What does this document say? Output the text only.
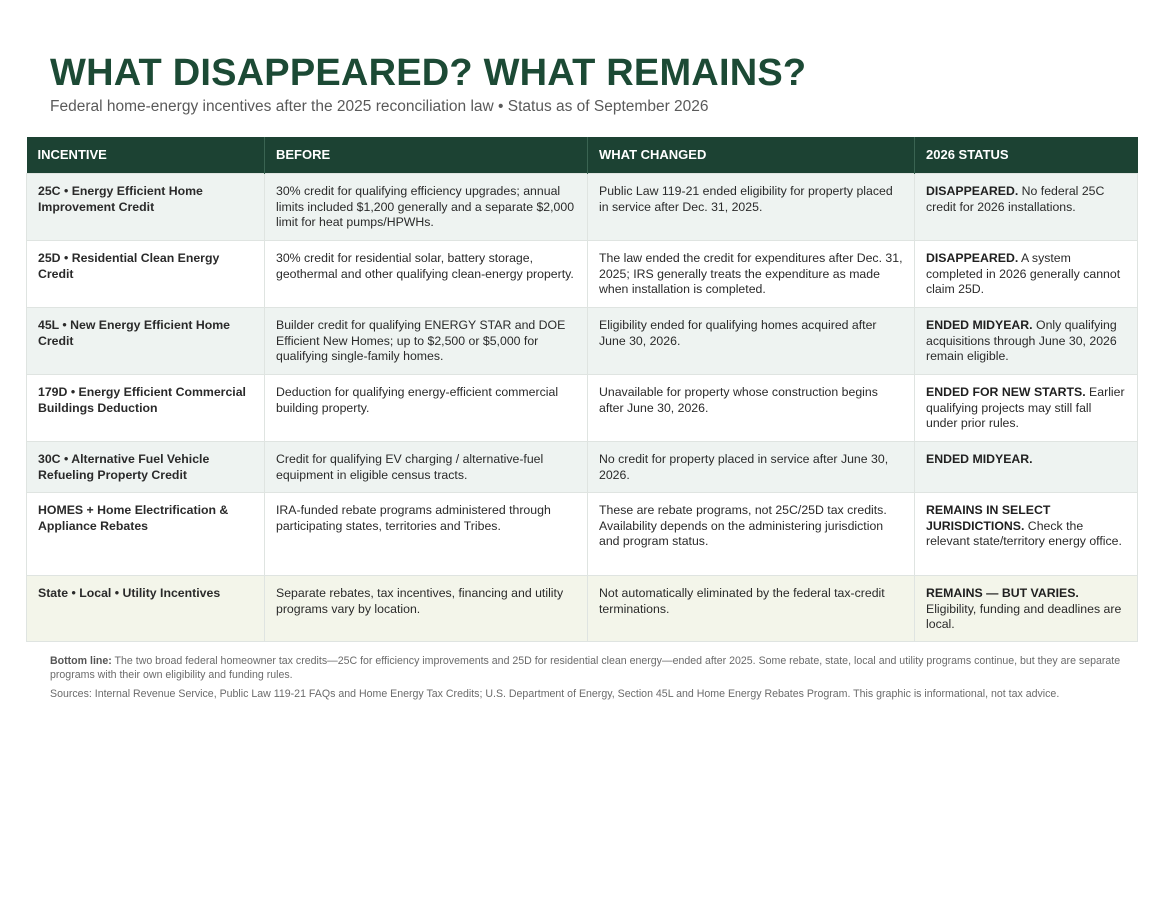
WHAT DISAPPEARED? WHAT REMAINS?

Federal home-energy incentives after the 2025 reconciliation law • Status as of September 2026

INCENTIVE	BEFORE	WHAT CHANGED	2026 STATUS
25C • Energy Efficient Home Improvement Credit	30% credit for qualifying efficiency upgrades; annual limits included $1,200 generally and a separate $2,000 limit for heat pumps/HPWHs.	Public Law 119-21 ended eligibility for property placed in service after Dec. 31, 2025.	DISAPPEARED. No federal 25C credit for 2026 installations.
25D • Residential Clean Energy Credit	30% credit for residential solar, battery storage, geothermal and other qualifying clean-energy property.	The law ended the credit for expenditures after Dec. 31, 2025; IRS generally treats the expenditure as made when installation is completed.	DISAPPEARED. A system completed in 2026 generally cannot claim 25D.
45L • New Energy Efficient Home Credit	Builder credit for qualifying ENERGY STAR and DOE Efficient New Homes; up to $2,500 or $5,000 for qualifying single-family homes.	Eligibility ended for qualifying homes acquired after June 30, 2026.	ENDED MIDYEAR. Only qualifying acquisitions through June 30, 2026 remain eligible.
179D • Energy Efficient Commercial Buildings Deduction	Deduction for qualifying energy-efficient commercial building property.	Unavailable for property whose construction begins after June 30, 2026.	ENDED FOR NEW STARTS. Earlier qualifying projects may still fall under prior rules.
30C • Alternative Fuel Vehicle Refueling Property Credit	Credit for qualifying EV charging / alternative-fuel equipment in eligible census tracts.	No credit for property placed in service after June 30, 2026.	ENDED MIDYEAR.
HOMES + Home Electrification & Appliance Rebates	IRA-funded rebate programs administered through participating states, territories and Tribes.	These are rebate programs, not 25C/25D tax credits. Availability depends on the administering jurisdiction and program status.	REMAINS IN SELECT JURISDICTIONS. Check the relevant state/territory energy office.
State • Local • Utility Incentives	Separate rebates, tax incentives, financing and utility programs vary by location.	Not automatically eliminated by the federal tax-credit terminations.	REMAINS — BUT VARIES. Eligibility, funding and deadlines are local.

Bottom line: The two broad federal homeowner tax credits—25C for efficiency improvements and 25D for residential clean energy—ended after 2025. Some rebate, state, local and utility programs continue, but they are separate programs with their own eligibility and funding rules.

Sources: Internal Revenue Service, Public Law 119-21 FAQs and Home Energy Tax Credits; U.S. Department of Energy, Section 45L and Home Energy Rebates Program. This graphic is informational, not tax advice.
